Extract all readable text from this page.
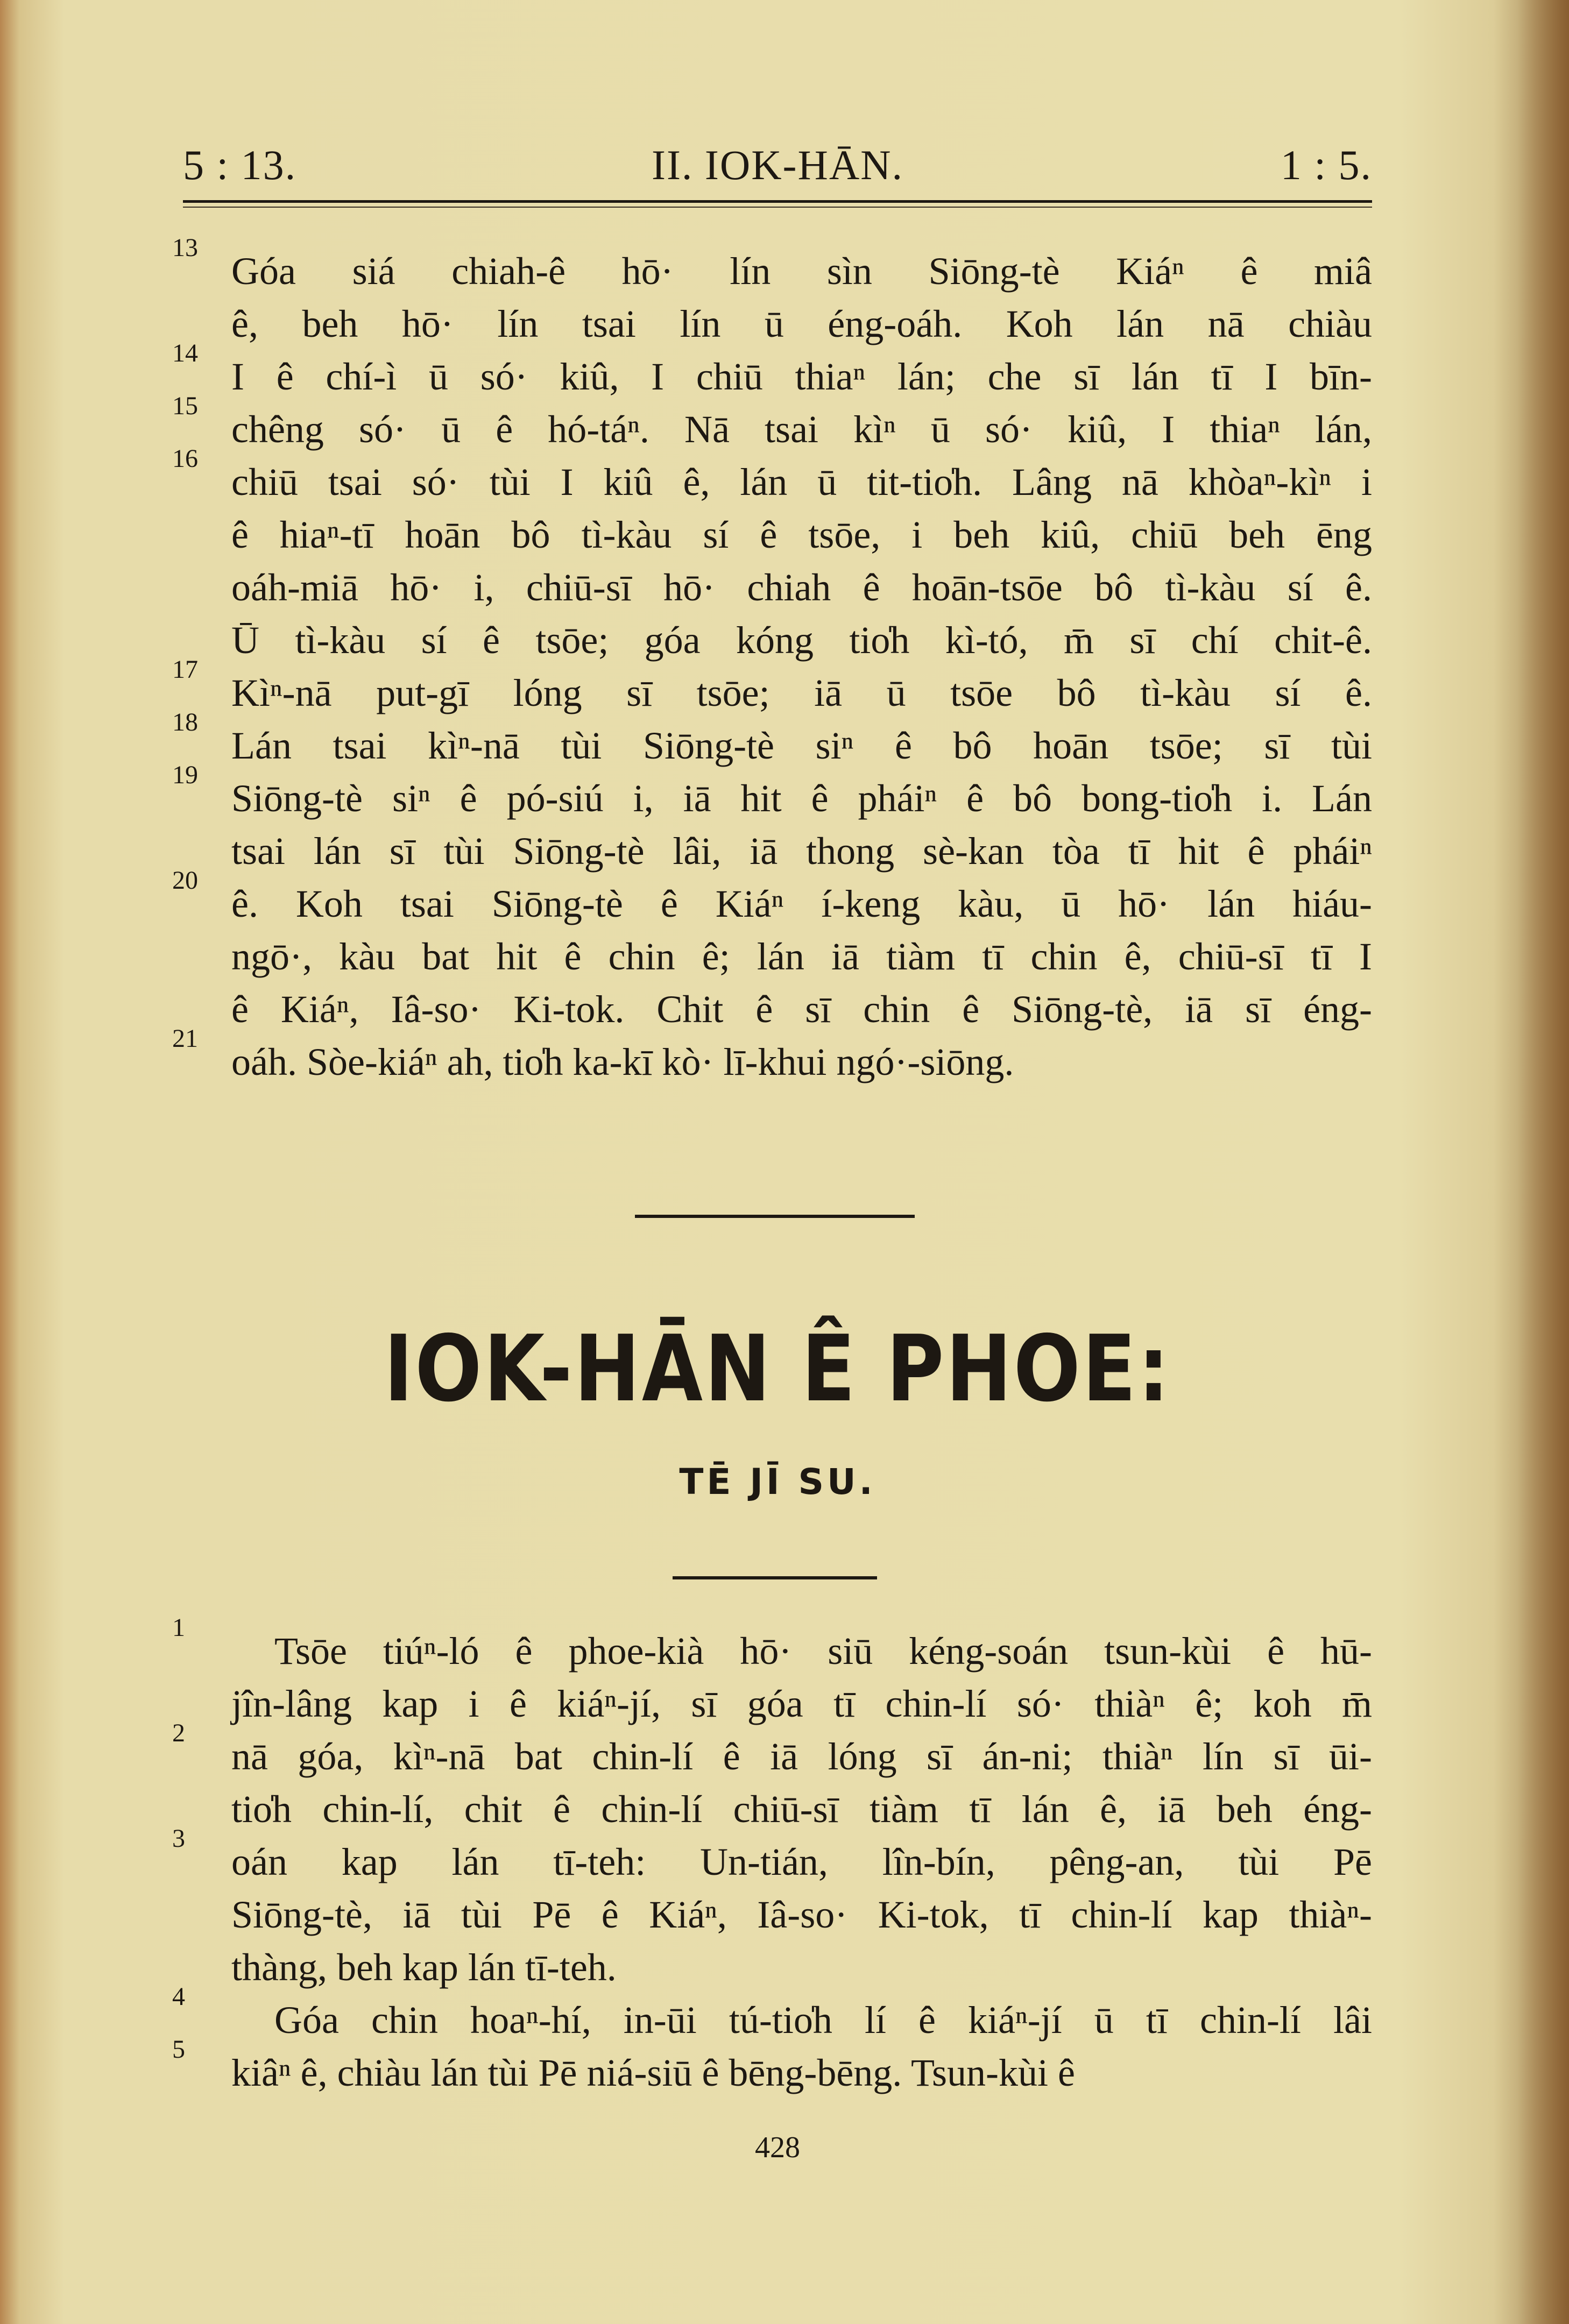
5 : 13.	II. IOK-HĀN.	1 : 5.
13
Góa siá chiah-ê hō· lín sìn Siōng-tè Kiáⁿ ê miâ
ê, beh hō· lín tsai lín ū éng-oáh. Koh lán nā chiàu
14
I ê chí-ì ū só· kiû, I chiū thiaⁿ lán; che sī lán tī I bīn-
15
chêng só· ū ê hó-táⁿ. Nā tsai kìⁿ ū só· kiû, I thiaⁿ lán,
16
chiū tsai só· tùi I kiû ê, lán ū tit-tio̍h. Lâng nā khòaⁿ-kìⁿ i
ê hiaⁿ-tī hoān bô tì-kàu sí ê tsōe, i beh kiû, chiū beh ēng
oáh-miā hō· i, chiū-sī hō· chiah ê hoān-tsōe bô tì-kàu sí ê.
Ū tì-kàu sí ê tsōe; góa kóng tio̍h kì-tó, m̄ sī chí chit-ê.
17
Kìⁿ-nā put-gī lóng sī tsōe; iā ū tsōe bô tì-kàu sí ê.
18
Lán tsai kìⁿ-nā tùi Siōng-tè siⁿ ê bô hoān tsōe; sī tùi
19
Siōng-tè siⁿ ê pó-siú i, iā hit ê pháiⁿ ê bô bong-tio̍h i. Lán
tsai lán sī tùi Siōng-tè lâi, iā thong sè-kan tòa tī hit ê pháiⁿ
20
ê. Koh tsai Siōng-tè ê Kiáⁿ í-keng kàu, ū hō· lán hiáu-
ngō·, kàu bat hit ê chin ê; lán iā tiàm tī chin ê, chiū-sī tī I
ê Kiáⁿ, Iâ-so· Ki-tok. Chit ê sī chin ê Siōng-tè, iā sī éng-
21
oáh. Sòe-kiáⁿ ah, tio̍h ka-kī kò· lī-khui ngó·-siōng.
IOK-HĀN Ê PHOE:
TĒ JĪ SU.
1
Tsōe tiúⁿ-ló ê phoe-kià hō· siū kéng-soán tsun-kùi ê hū-
jîn-lâng kap i ê kiáⁿ-jí, sī góa tī chin-lí só· thiàⁿ ê; koh m̄
2
nā góa, kìⁿ-nā bat chin-lí ê iā lóng sī án-ni; thiàⁿ lín sī ūi-
tio̍h chin-lí, chit ê chin-lí chiū-sī tiàm tī lán ê, iā beh éng-
3
oán kap lán tī-teh: Un-tián, lîn-bín, pêng-an, tùi Pē
Siōng-tè, iā tùi Pē ê Kiáⁿ, Iâ-so· Ki-tok, tī chin-lí kap thiàⁿ-
thàng, beh kap lán tī-teh.
4
Góa chin hoaⁿ-hí, in-ūi tú-tio̍h lí ê kiáⁿ-jí ū tī chin-lí lâi
5
kiâⁿ ê, chiàu lán tùi Pē niá-siū ê bēng-bēng. Tsun-kùi ê
428
